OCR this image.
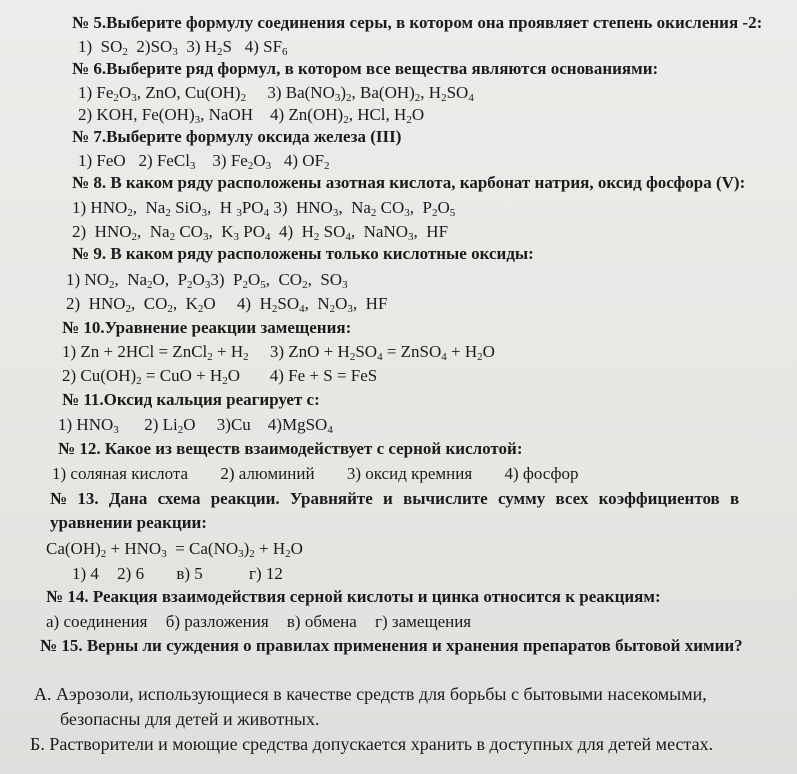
№ 5.Выберите формулу соединения серы, в котором она проявляет степень окисления -2:
1)  $SO_2$  $2)SO_3$  3) $H_2S$   4) $SF_6$
№ 6.Выберите ряд формул, в котором все вещества являются основаниями:
1) $Fe_2O_3$, ZnO, $Cu(OH)_2$     3) $Ba(NO_3)_2$, $Ba(OH)_2$, $H_2SO_4$
2) KOH, $Fe(OH)_3$, NaOH    4) $Zn(OH)_2$, HCl, $H_2O$
№ 7.Выберите формулу оксида железа (III)
1) FeO   2) FeCl$_3$    3) $Fe_2O_3$   4) $OF_2$
№ 8. В каком ряду расположены азотная кислота, карбонат натрия, оксид фосфора (V):
1) $HNO_2$,  $Na_2$ SiO$_3$,  H $_3PO_4$ 3)  $HNO_3$,  $Na_2$ $CO_3$,  $P_2O_5$
2)  $HNO_2$,  $Na_2$ $CO_3$,  $K_3$ $PO_4$  4)  $H_2$ $SO_4$,  NaNO$_3$,  HF
№ 9. В каком ряду расположены только кислотные оксиды:
1) $NO_2$,  $Na_2O$,  $P_2O_33$)  $P_2O_5$,  $CO_2$,  $SO_3$
2)  $HNO_2$,  $CO_2$,  $K_2O$     4)  $H_2SO_4$,  $N_2O_3$,  HF
№ 10.Уравнение реакции замещения:
1) Zn + 2HCl = ZnCl$_2$ + $H_2$     3) ZnO + $H_2SO_4$ = ZnSO$_4$ + $H_2O$
2) $Cu(OH)_2$ = CuO + $H_2O$       4) Fe + S = FeS
№ 11.Оксид кальция реагирует с:
1) $HNO_3$      2) $Li_2O$     3)Cu    4)MgSO$_4$
№ 12. Какое из веществ взаимодействует с серной кислотой:
1) соляная кислота 2) алюминий 3) оксид кремния 4) фосфор
№ 13. Дана схема реакции. Уравняйте и вычислите сумму всех коэффициентов в
уравнении реакции:
$Ca(OH)_2 + HNO_3 = Ca(NO_3)_2 + H_2O$
1) 4 2) 6 в) 5	г) 12
№ 14. Реакция взаимодействия серной кислоты и цинка относится к реакциям:
а) соединения б) разложения в) обмена г) замещения
№ 15. Верны ли суждения о правилах применения и хранения препаратов бытовой химии?
А. Аэрозоли, использующиеся в качестве средств для борьбы с бытовыми насекомыми,
безопасны для детей и животных.
Б. Растворители и моющие средства допускается хранить в доступных для детей местах.
